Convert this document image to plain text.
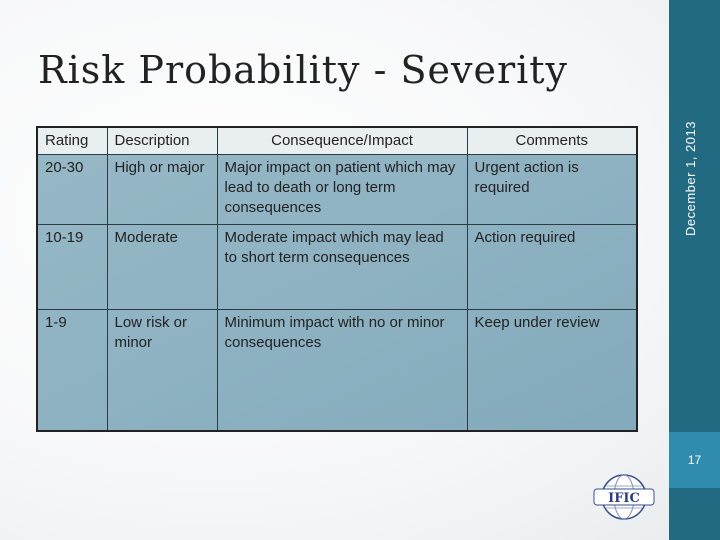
Risk Probability - Severity
December 1, 2013
17
Rating	Description	Consequence/Impact	Comments
20-30	High or major	Major impact on patient which may lead to death or long term consequences	Urgent action is required
10-19	Moderate	Moderate impact which may lead to short term consequences	Action required
1-9	Low risk or minor	Minimum impact with no or minor consequences	Keep under review
IFIC
